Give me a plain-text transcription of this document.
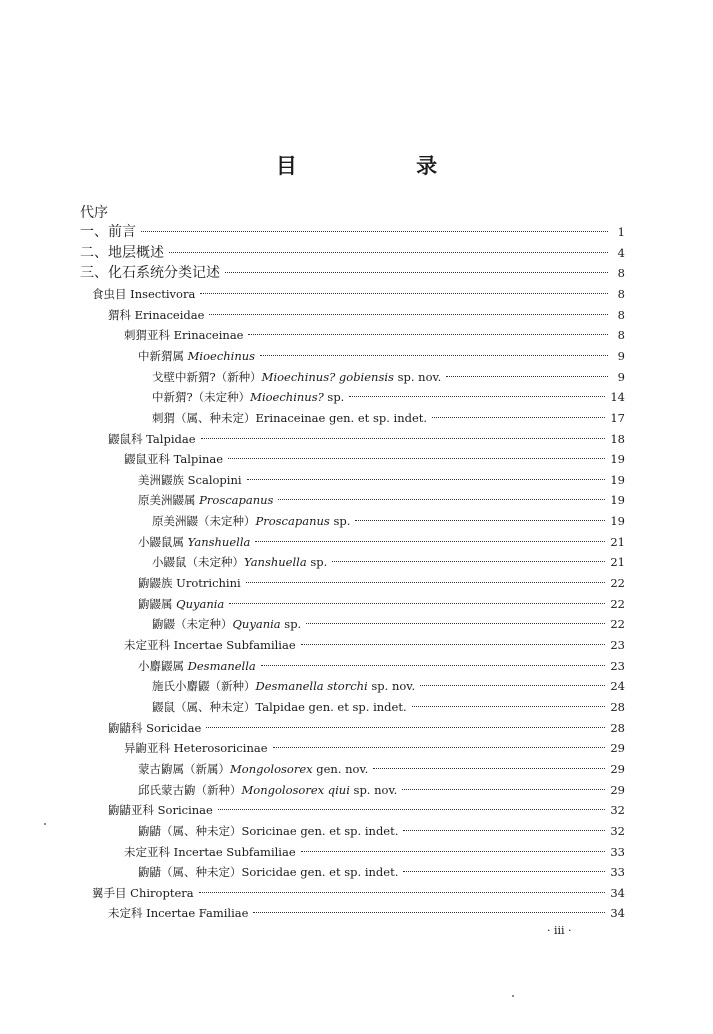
目 录
代序
一、前言	1
二、地层概述	4
三、化石系统分类记述	8
食虫目 Insectivora	8
猬科 Erinaceidae	8
刺猬亚科 Erinaceinae	8
中新猬属 Mioechinus	9
戈壁中新猬?（新种）Mioechinus? gobiensis sp. nov.	9
中新猬?（未定种）Mioechinus? sp.	14
刺猬（属、种未定）Erinaceinae gen. et sp. indet.	17
鼹鼠科 Talpidae	18
鼹鼠亚科 Talpinae	19
美洲鼹族 Scalopini	19
原美洲鼹属 Proscapanus	19
原美洲鼹（未定种）Proscapanus sp.	19
小鼹鼠属 Yanshuella	21
小鼹鼠（未定种）Yanshuella sp.	21
鼩鼹族 Urotrichini	22
鼩鼹属 Quyania	22
鼩鼹（未定种）Quyania sp.	22
未定亚科 Incertae Subfamiliae	23
小麝鼹属 Desmanella	23
施氏小麝鼹（新种）Desmanella storchi sp. nov.	24
鼹鼠（属、种未定）Talpidae gen. et sp. indet.	28
鼩鼱科 Soricidae	28
异鼩亚科 Heterosoricinae	29
蒙古鼩属（新属）Mongolosorex gen. nov.	29
邱氏蒙古鼩（新种）Mongolosorex qiui sp. nov.	29
鼩鼱亚科 Soricinae	32
鼩鼱（属、种未定）Soricinae gen. et sp. indet.	32
未定亚科 Incertae Subfamiliae	33
鼩鼱（属、种未定）Soricidae gen. et sp. indet.	33
翼手目 Chiroptera	34
未定科 Incertae Familiae	34
· iii ·
